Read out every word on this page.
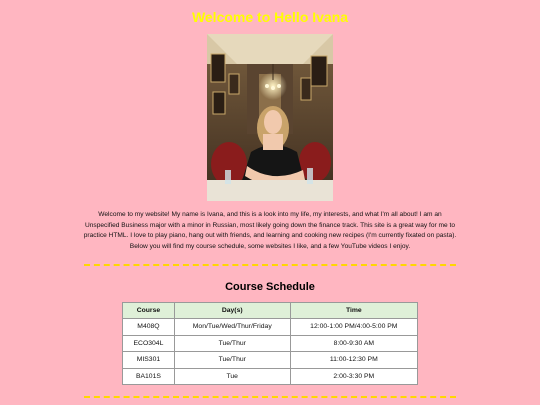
Welcome to Hello Ivana

Welcome to my website! My name is Ivana, and this is a look into my life, my interests, and what I'm all about! I am an Unspecified Business major with a minor in Russian, most likely going down the finance track. This site is a great way for me to practice HTML. I love to play piano, hang out with friends, and learning and cooking new recipes (I'm currently fixated on pasta). Below you will find my course schedule, some websites I like, and a few YouTube videos I enjoy.

Course Schedule
Course	Day(s)	Time
M408Q	Mon/Tue/Wed/Thur/Friday	12:00-1:00 PM/4:00-5:00 PM
ECO304L	Tue/Thur	8:00-9:30 AM
MIS301	Tue/Thur	11:00-12:30 PM
BA101S	Tue	2:00-3:30 PM
